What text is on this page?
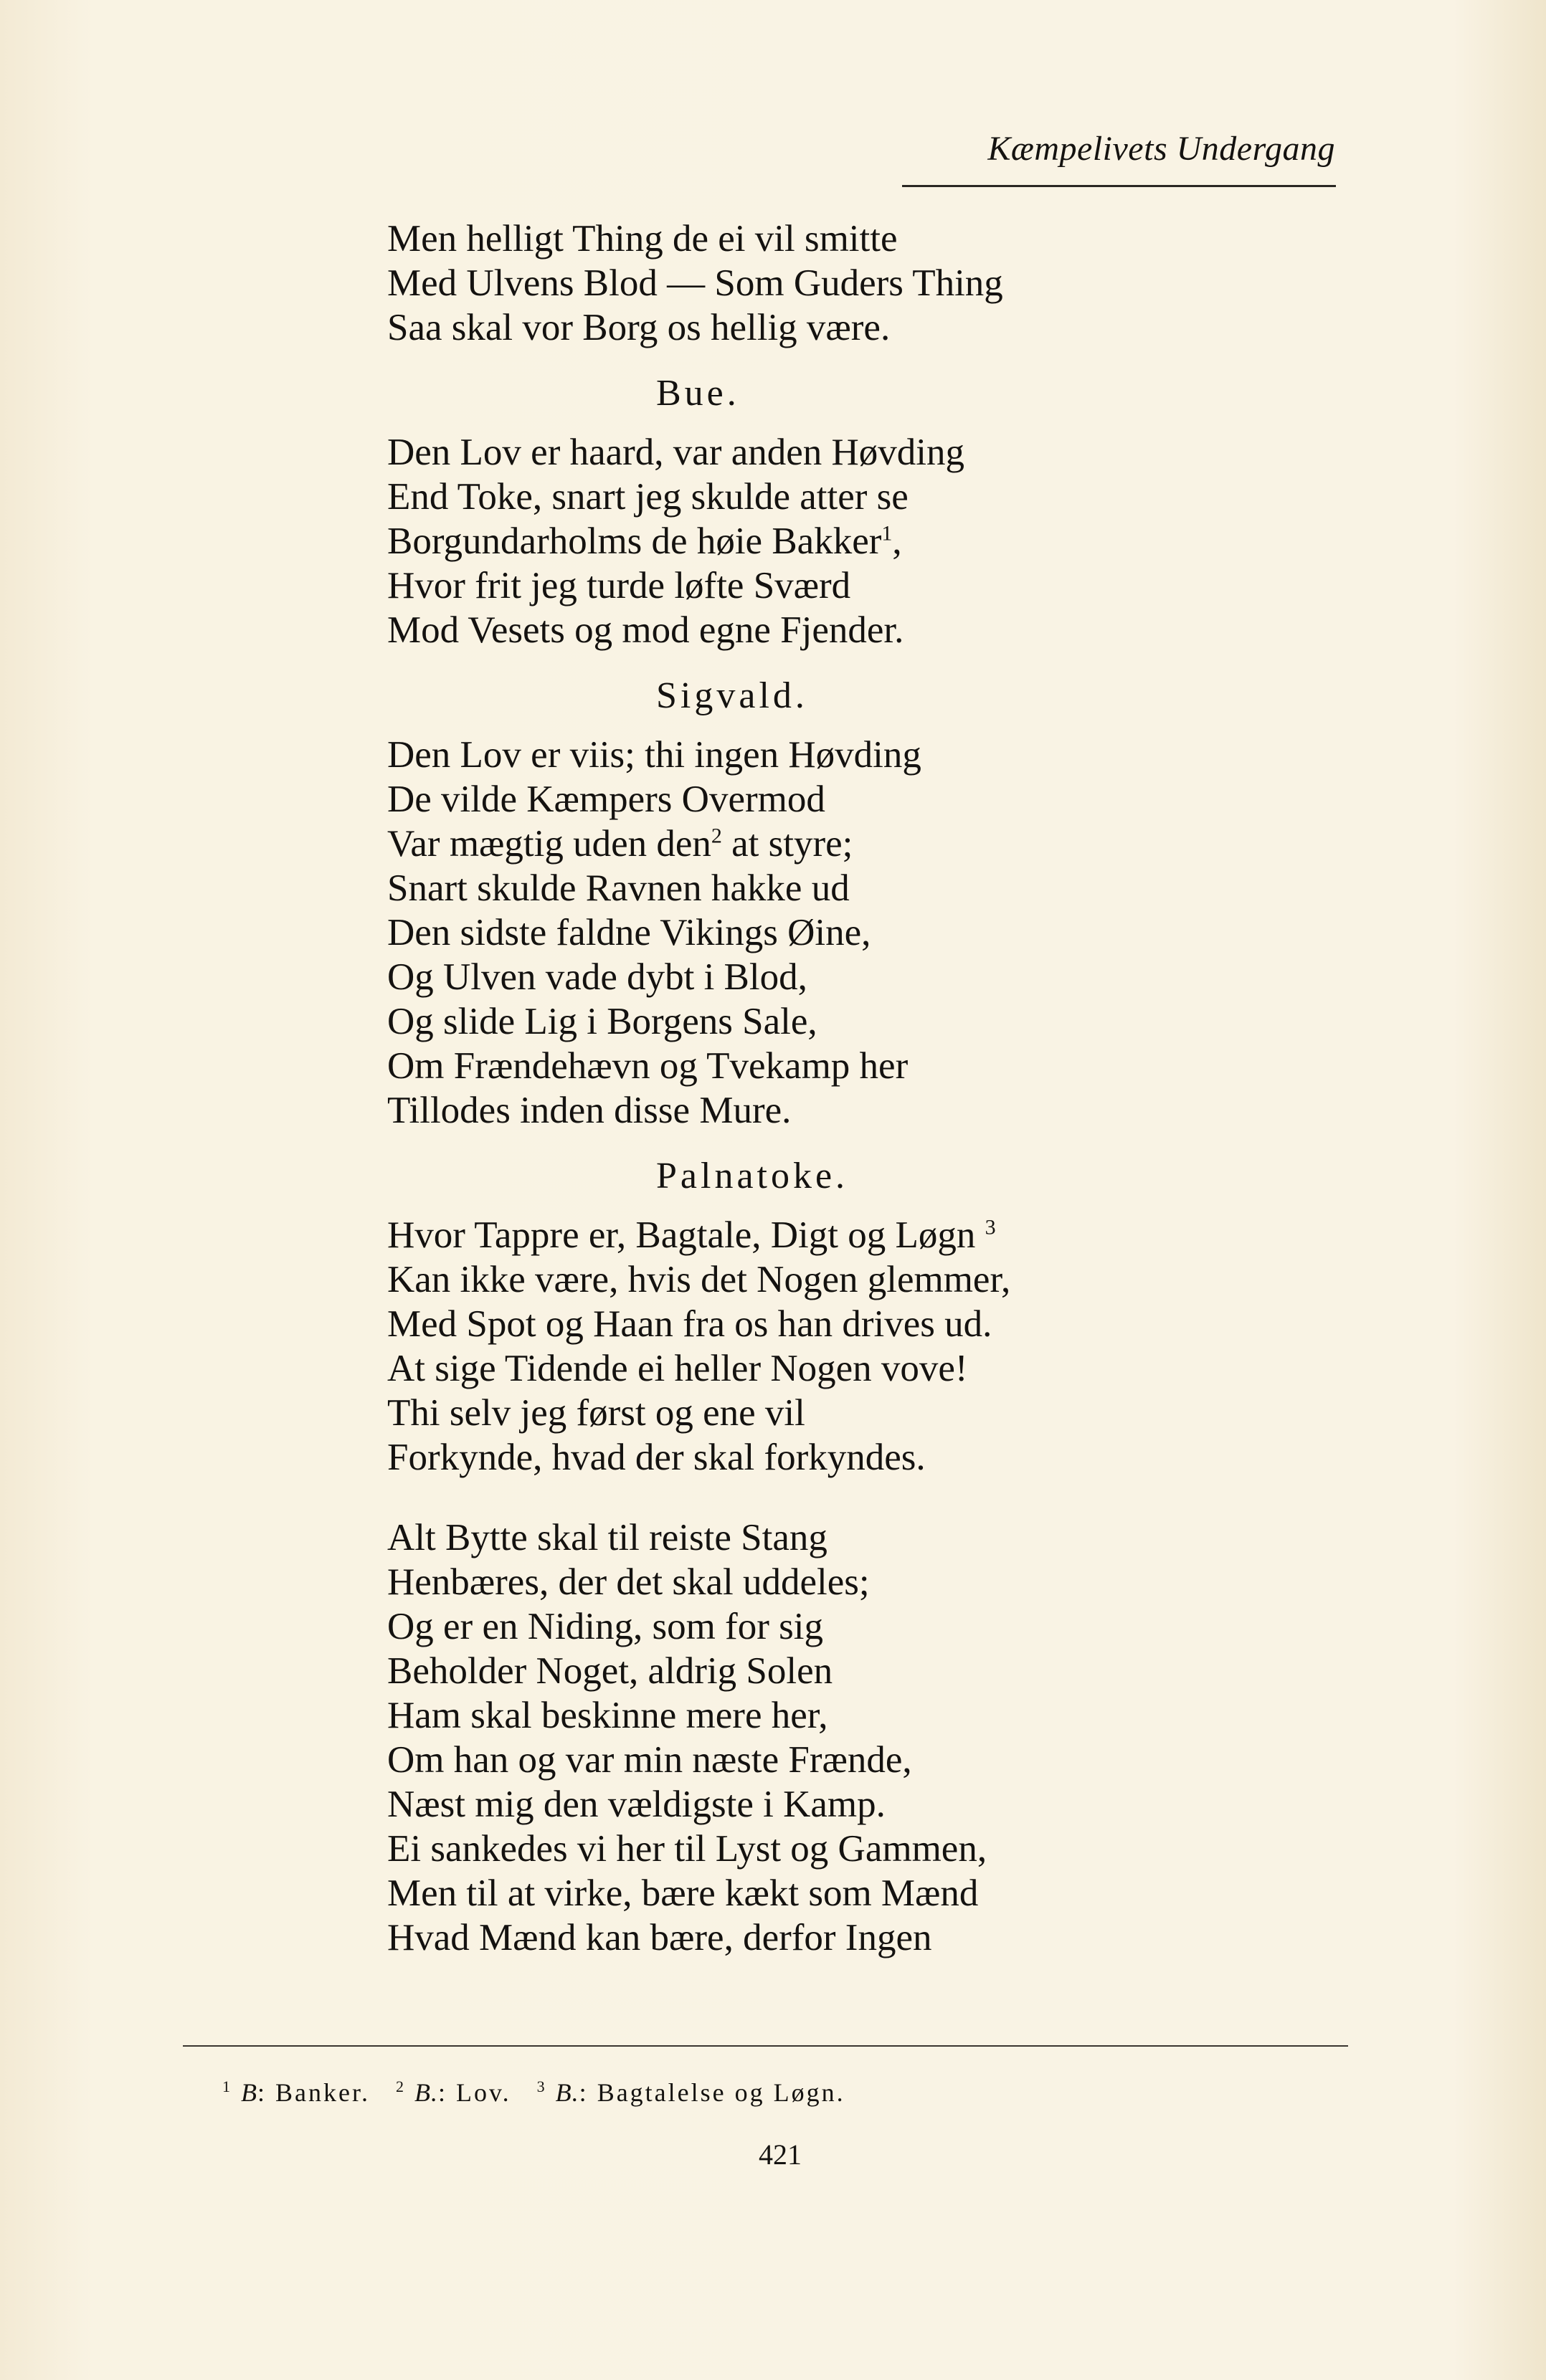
Kæmpelivets Undergang
Men helligt Thing de ei vil smitte
Med Ulvens Blod — Som Guders Thing
Saa skal vor Borg os hellig være.
Bue.
Den Lov er haard, var anden Høvding
End Toke, snart jeg skulde atter se
Borgundarholms de høie Bakker$^1$,
Hvor frit jeg turde løfte Sværd
Mod Vesets og mod egne Fjender.
Sigvald.
Den Lov er viis; thi ingen Høvding
De vilde Kæmpers Overmod
Var mægtig uden den$^2$ at styre;
Snart skulde Ravnen hakke ud
Den sidste faldne Vikings Øine,
Og Ulven vade dybt i Blod,
Og slide Lig i Borgens Sale,
Om Frændehævn og Tvekamp her
Tillodes inden disse Mure.
Palnatoke.
Hvor Tappre er, Bagtale, Digt og Løgn $^3$
Kan ikke være, hvis det Nogen glemmer,
Med Spot og Haan fra os han drives ud.
At sige Tidende ei heller Nogen vove!
Thi selv jeg først og ene vil
Forkynde, hvad der skal forkyndes.
Alt Bytte skal til reiste Stang
Henbæres, der det skal uddeles;
Og er en Niding, som for sig
Beholder Noget, aldrig Solen
Ham skal beskinne mere her,
Om han og var min næste Frænde,
Næst mig den vældigste i Kamp.
Ei sankedes vi her til Lyst og Gammen,
Men til at virke, bære kækt som Mænd
Hvad Mænd kan bære, derfor Ingen
$^1$ B: Banker. $^2$ B.: Lov. $^3$ B.: Bagtalelse og Løgn.
421
